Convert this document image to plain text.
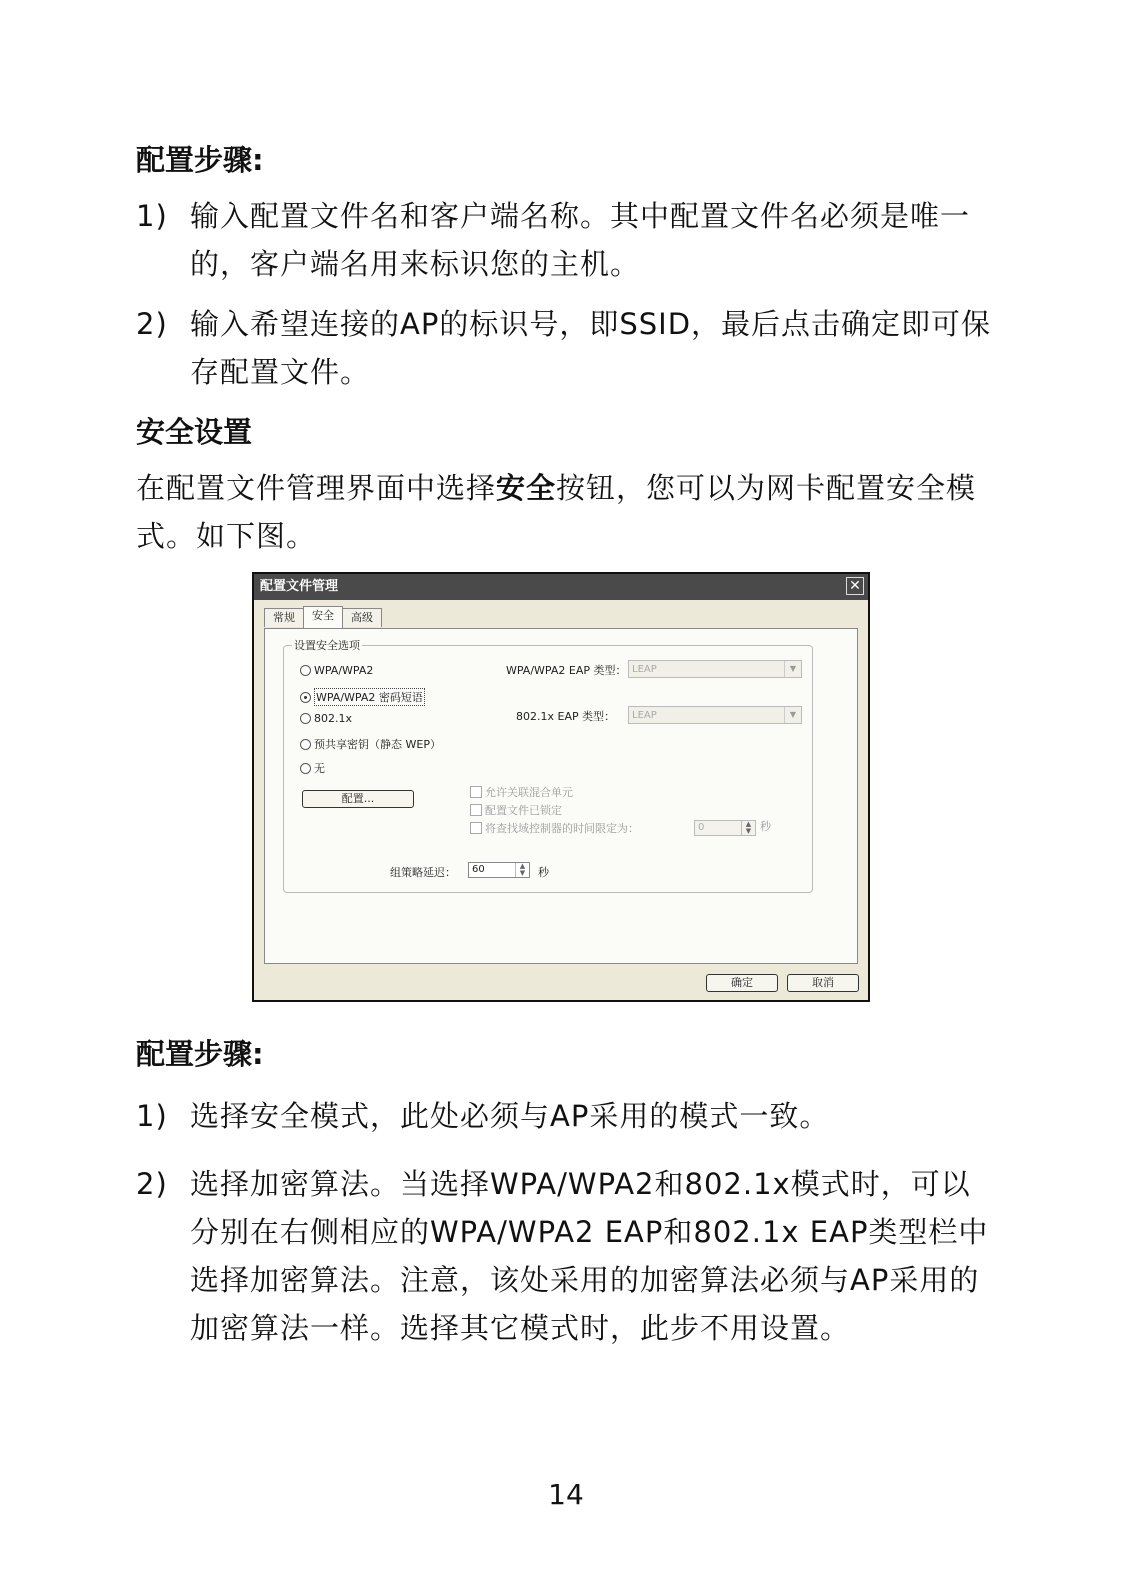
配置步骤:
1) 输入配置文件名和客户端名称。其中配置文件名必须是唯一的，客户端名用来标识您的主机。
2) 输入希望连接的AP的标识号，即SSID，最后点击确定即可保存配置文件。
安全设置
在配置文件管理界面中选择安全按钮，您可以为网卡配置安全模式。如下图。
配置文件管理	✕
常规 安全 高级
设置安全选项
WPA/WPA2
WPA/WPA2 密码短语
802.1x
预共享密钥（静态 WEP）
无
WPA/WPA2 EAP 类型： LEAP	▼
802.1x EAP 类型：	LEAP	▼
配置...	允许关联混合单元
配置文件已锁定
将查找域控制器的时间限定为：	0	▲
▼ 秒
组策略延迟：	60	▲
▼	秒
确定	取消
配置步骤:
1) 选择安全模式，此处必须与AP采用的模式一致。
2) 选择加密算法。当选择WPA/WPA2和802.1x模式时，可以分别在右侧相应的WPA/WPA2 EAP和802.1x EAP类型栏中选择加密算法。注意，该处采用的加密算法必须与AP采用的加密算法一样。选择其它模式时，此步不用设置。
14
